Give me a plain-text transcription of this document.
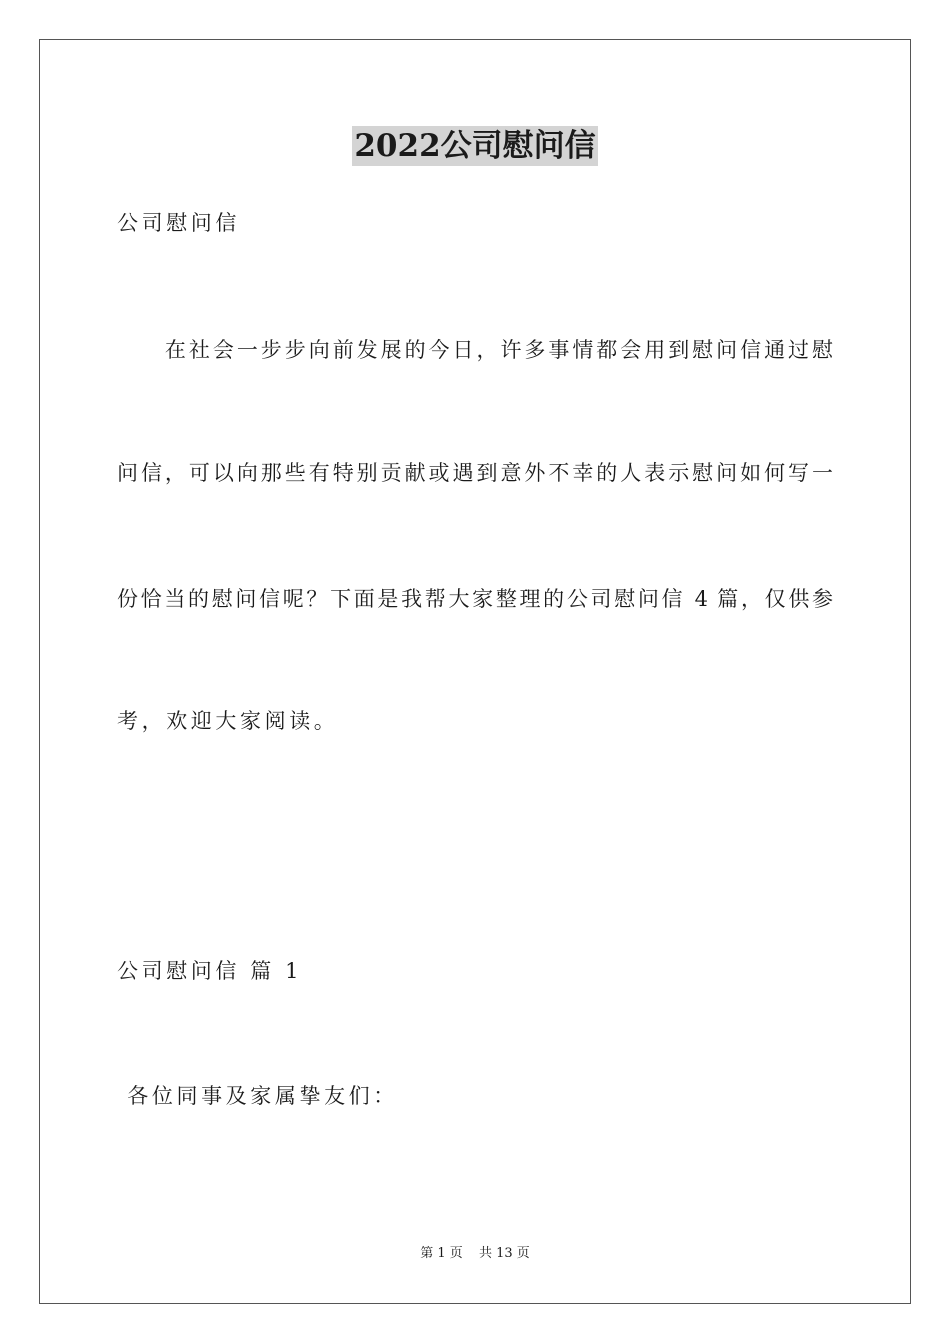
2022公司慰问信
公司慰问信
　　在社会一步步向前发展的今日，许多事情都会用到慰问信通过慰
问信，可以向那些有特别贡献或遇到意外不幸的人表示慰问如何写一
份恰当的慰问信呢？下面是我帮大家整理的公司慰问信 4 篇，仅供参
考，欢迎大家阅读。
公司慰问信 篇 1
各位同事及家属挚友们：
第 1 页 共 13 页
